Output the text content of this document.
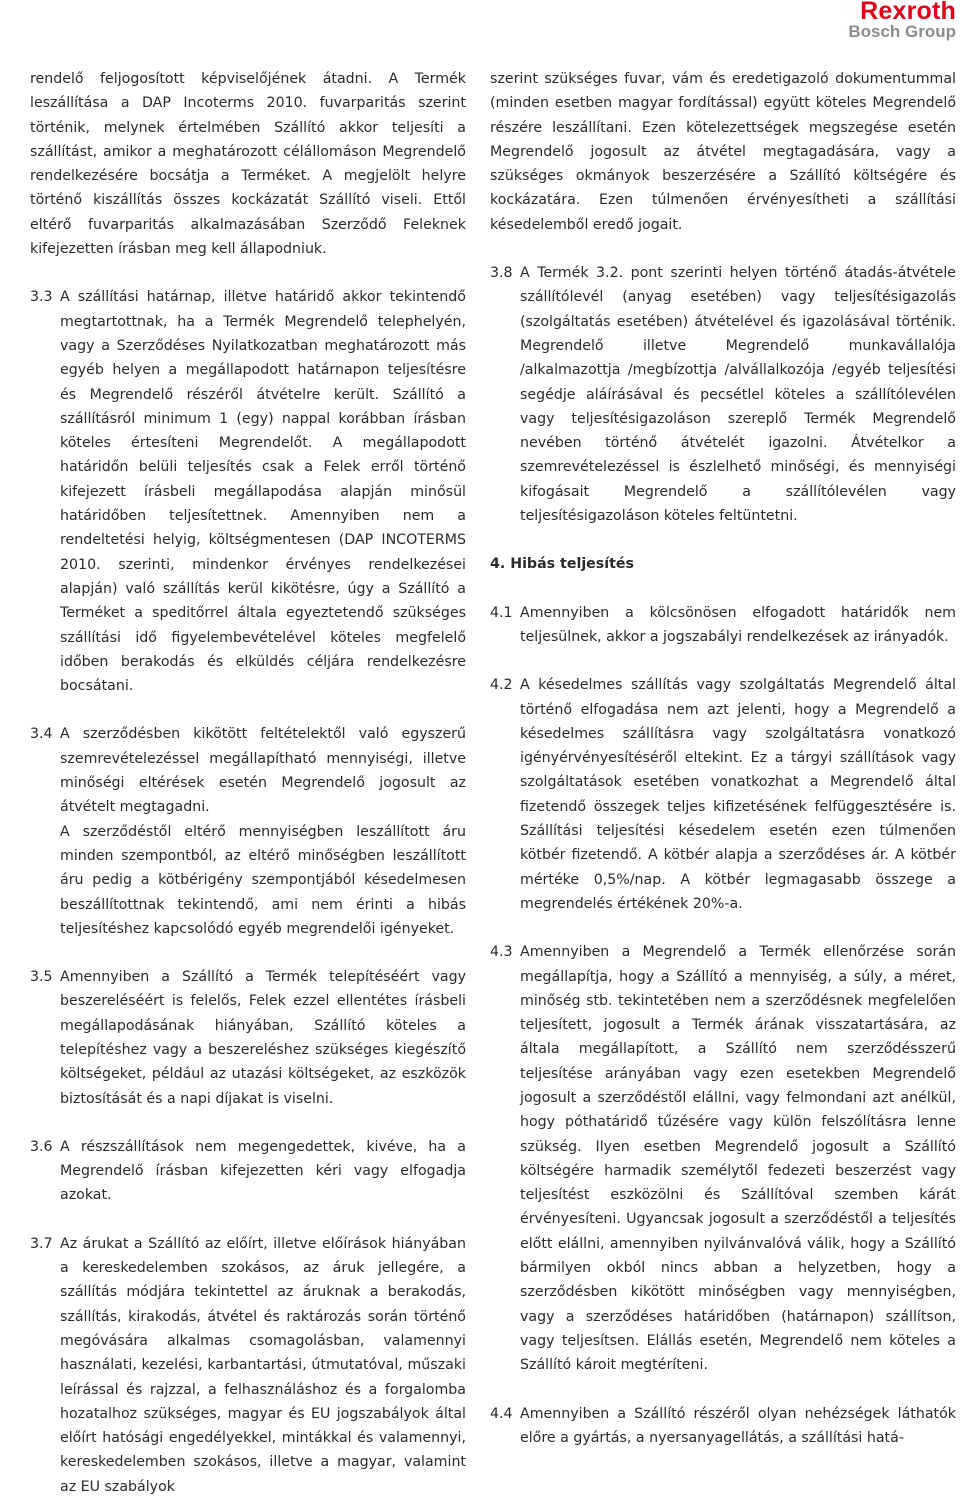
Rexroth
Bosch Group

rendelő feljogosított képviselőjének átadni. A Termék leszállítása a DAP Incoterms 2010. fuvarparitás szerint történik, melynek értelmében Szállító akkor teljesíti a szállítást, amikor a meghatározott célállomáson Megrendelő rendelkezésére bocsátja a Terméket. A megjelölt helyre történő kiszállítás összes kockázatát Szállító viseli. Ettől eltérő fuvarparitás alkalmazásában Szerződő Feleknek kifejezetten írásban meg kell állapodniuk.

3.3 A szállítási határnap, illetve határidő akkor tekintendő megtartottnak, ha a Termék Megrendelő telephelyén, vagy a Szerződéses Nyilatkozatban meghatározott más egyéb helyen a megállapodott határnapon teljesítésre és Megrendelő részéről átvételre került. Szállító a szállításról minimum 1 (egy) nappal korábban írásban köteles értesíteni Megrendelőt. A megállapodott határidőn belüli teljesítés csak a Felek erről történő kifejezett írásbeli megállapodása alapján minősül határidőben teljesítettnek. Amennyiben nem a rendeltetési helyig, költségmentesen (DAP INCOTERMS 2010. szerinti, mindenkor érvényes rendelkezései alapján) való szállítás kerül kikötésre, úgy a Szállító a Terméket a speditőrrel általa egyeztetendő szükséges szállítási idő figyelembevételével köteles megfelelő időben berakodás és elküldés céljára rendelkezésre bocsátani.
3.4 A szerződésben kikötött feltételektől való egyszerű szemrevételezéssel megállapítható mennyiségi, illetve minőségi eltérések esetén Megrendelő jogosult az átvételt megtagadni.
A szerződéstől eltérő mennyiségben leszállított áru minden szempontból, az eltérő minőségben leszállított áru pedig a kötbérigény szempontjából késedelmesen beszállítottnak tekintendő, ami nem érinti a hibás teljesítéshez kapcsolódó egyéb megrendelői igényeket.
3.5 Amennyiben a Szállító a Termék telepítéséért vagy beszereléséért is felelős, Felek ezzel ellentétes írásbeli megállapodásának hiányában, Szállító köteles a telepítéshez vagy a beszereléshez szükséges kiegészítő költségeket, például az utazási költségeket, az eszközök biztosítását és a napi díjakat is viselni.
3.6 A részszállítások nem megengedettek, kivéve, ha a Megrendelő írásban kifejezetten kéri vagy elfogadja azokat.
3.7 Az árukat a Szállító az előírt, illetve előírások hiányában a kereskedelemben szokásos, az áruk jellegére, a szállítás módjára tekintettel az áruknak a berakodás, szállítás, kirakodás, átvétel és raktározás során történő megóvására alkalmas csomagolásban, valamennyi használati, kezelési, karbantartási, útmutatóval, műszaki leírással és rajzzal, a felhasználáshoz és a forgalomba hozatalhoz szükséges, magyar és EU jogszabályok által előírt hatósági engedélyekkel, mintákkal és valamennyi, kereskedelemben szokásos, illetve a magyar, valamint az EU szabályok

szerint szükséges fuvar, vám és eredetigazoló dokumentummal (minden esetben magyar fordítással) együtt köteles Megrendelő részére leszállítani. Ezen kötelezettségek megszegése esetén Megrendelő jogosult az átvétel megtagadására, vagy a szükséges okmányok beszerzésére a Szállító költségére és kockázatára. Ezen túlmenően érvényesítheti a szállítási késedelemből eredő jogait.

3.8 A Termék 3.2. pont szerinti helyen történő átadás-átvétele szállítólevél (anyag esetében) vagy teljesítésigazolás (szolgáltatás esetében) átvételével és igazolásával történik. Megrendelő illetve Megrendelő munkavállalója /alkalmazottja /megbízottja /alvállalkozója /egyéb teljesítési segédje aláírásával és pecsétlel köteles a szállítólevélen vagy teljesítésigazoláson szereplő Termék Megrendelő nevében történő átvételét igazolni. Átvételkor a szemrevételezéssel is észlelhető minőségi, és mennyiségi kifogásait Megrendelő a szállítólevélen vagy teljesítésigazoláson köteles feltüntetni.
4. Hibás teljesítés
4.1 Amennyiben a kölcsönösen elfogadott határidők nem teljesülnek, akkor a jogszabályi rendelkezések az irányadók.
4.2 A késedelmes szállítás vagy szolgáltatás Megrendelő által történő elfogadása nem azt jelenti, hogy a Megrendelő a késedelmes szállításra vagy szolgáltatásra vonatkozó igényérvényesítéséről eltekint. Ez a tárgyi szállítások vagy szolgáltatások esetében vonatkozhat a Megrendelő által fizetendő összegek teljes kifizetésének felfüggesztésére is. Szállítási teljesítési késedelem esetén ezen túlmenően kötbér fizetendő. A kötbér alapja a szerződéses ár. A kötbér mértéke 0,5%/nap. A kötbér legmagasabb összege a megrendelés értékének 20%-a.
4.3 Amennyiben a Megrendelő a Termék ellenőrzése során megállapítja, hogy a Szállító a mennyiség, a súly, a méret, minőség stb. tekintetében nem a szerződésnek megfelelően teljesített, jogosult a Termék árának visszatartására, az általa megállapított, a Szállító nem szerződésszerű teljesítése arányában vagy ezen esetekben Megrendelő jogosult a szerződéstől elállni, vagy felmondani azt anélkül, hogy póthatáridő tűzésére vagy külön felszólításra lenne szükség. Ilyen esetben Megrendelő jogosult a Szállító költségére harmadik személytől fedezeti beszerzést vagy teljesítést eszközölni és Szállítóval szemben kárát érvényesíteni. Ugyancsak jogosult a szerződéstől a teljesítés előtt elállni, amennyiben nyilvánvalóvá válik, hogy a Szállító bármilyen okból nincs abban a helyzetben, hogy a szerződésben kikötött minőségben vagy mennyiségben, vagy a szerződéses határidőben (határnapon) szállítson, vagy teljesítsen. Elállás esetén, Megrendelő nem köteles a Szállító károit megtéríteni.
4.4 Amennyiben a Szállító részéről olyan nehézségek láthatók előre a gyártás, a nyersanyagellátás, a szállítási hatá-
